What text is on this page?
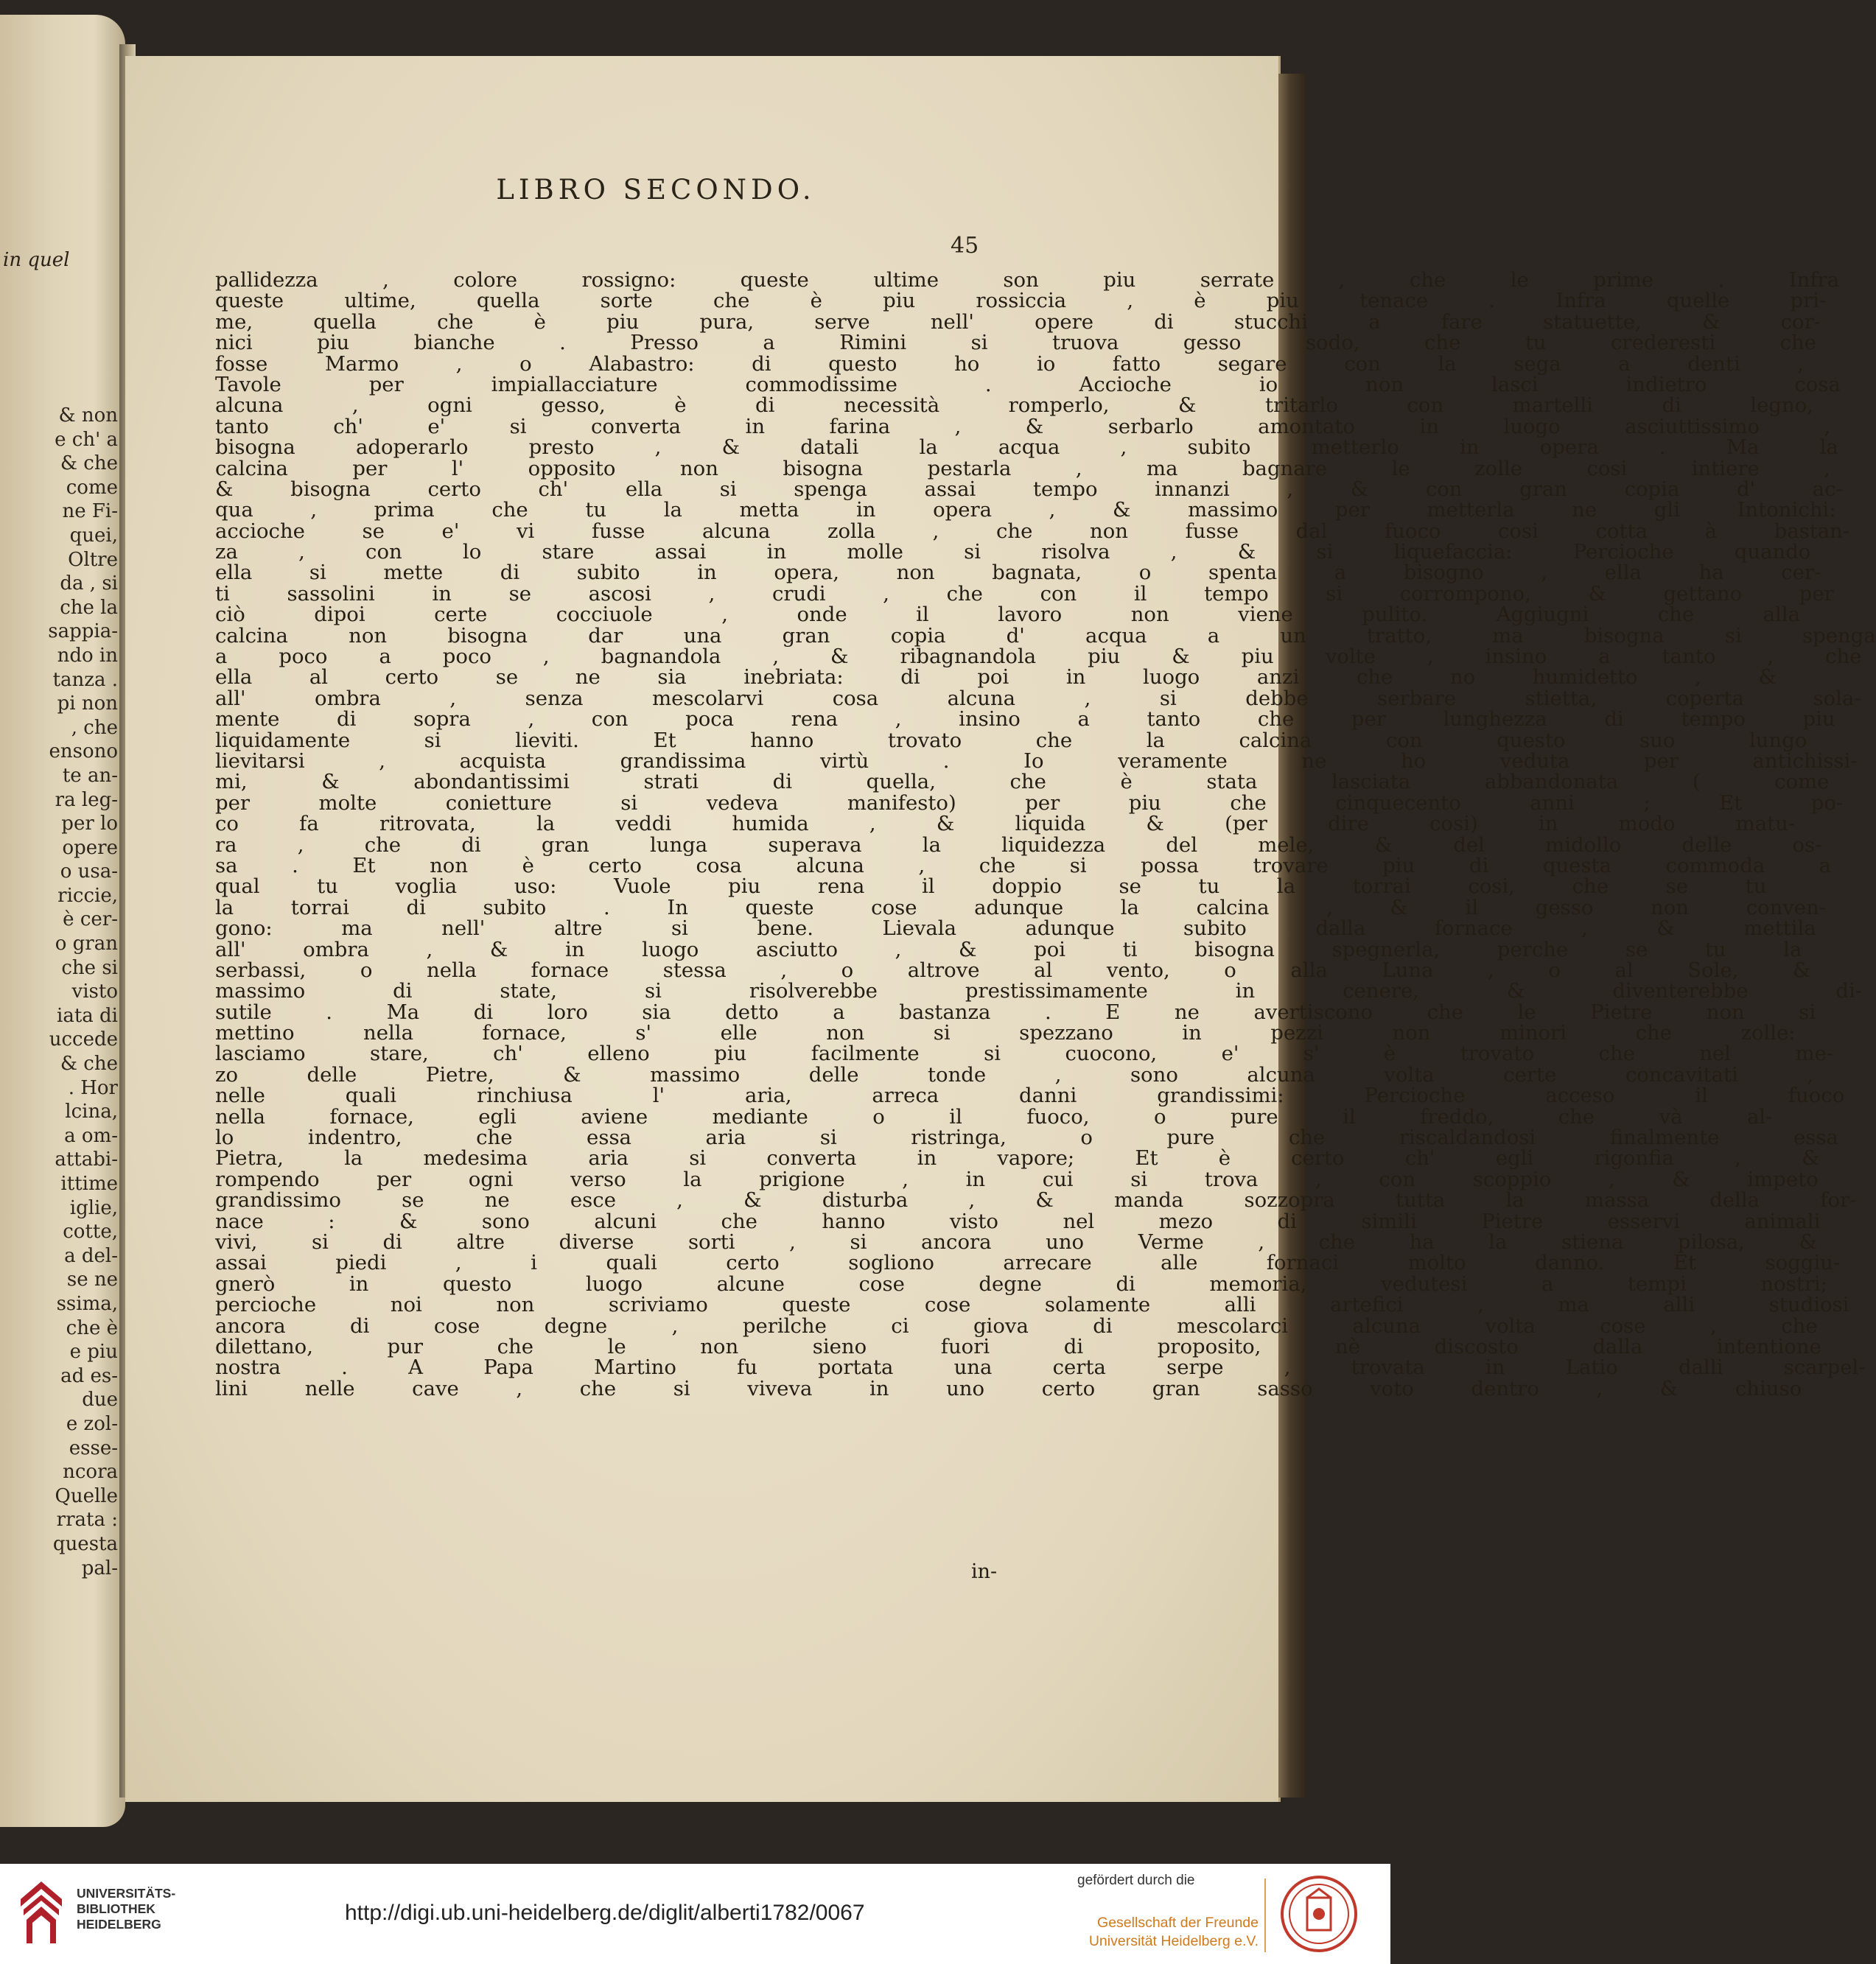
in quel
& non
e ch' a
& che
come
ne Fi-
quei,
Oltre
da , si
che la
sappia-
ndo in
tanza .
pi non
, che
ensono
te an-
ra leg-
per lo
opere
o usa-
riccie,
è cer-
o gran
che si
visto
iata di
uccede
& che
. Hor
lcina,
a om-
attabi-
ittime
iglie,
cotte,
a del-
se ne
ssima,
che è
e piu
ad es-
due
e zol-
esse-
ncora
Quelle
rrata :
questa
pal-
LIBRO SECONDO.
45
pallidezza , colore rossigno: queste ultime son piu serrate , che le prime . Infra
queste ultime, quella sorte che è piu rossiccia , è piu tenace . Infra quelle pri-
me, quella che è piu pura, serve nell' opere di stucchi a fare statuette, & cor-
nici piu bianche . Presso a Rimini si truova gesso sodo, che tu crederesti che
fosse Marmo , o Alabastro: di questo ho io fatto segare con la sega a denti ,
Tavole per impiallacciature commodissime . Accioche io non lasci indietro cosa
alcuna , ogni gesso, è di necessità romperlo, & tritarlo con martelli di legno,
tanto ch' e' si converta in farina , & serbarlo amontato in luogo asciuttissimo ,
bisogna adoperarlo presto , & datali la acqua , subito metterlo in opera . Ma la
calcina per l' opposito non bisogna pestarla , ma bagnare le zolle cosi intiere ,
& bisogna certo ch' ella si spenga assai tempo innanzi , & con gran copia d' ac-
qua , prima che tu la metta in opera , & massimo per metterla ne gli Intonichi:
accioche se e' vi fusse alcuna zolla , che non fusse dal fuoco cosi cotta à bastan-
za , con lo stare assai in molle si risolva , & si liquefaccia: Percioche quando
ella si mette di subito in opera, non bagnata, o spenta a bisogno , ella ha cer-
ti sassolini in se ascosi , crudi , che con il tempo si corrompono, & gettano per
ciò dipoi certe cocciuole , onde il lavoro non viene pulito. Aggiugni che alla
calcina non bisogna dar una gran copia d' acqua a un tratto, ma bisogna si spenga
a poco a poco , bagnandola , & ribagnandola piu & piu volte , insino a tanto , che
ella al certo se ne sia inebriata: di poi in luogo anzi che no humidetto , &
all' ombra , senza mescolarvi cosa alcuna , si debbe serbare stietta, coperta sola-
mente di sopra , con poca rena , insino a tanto che per lunghezza di tempo piu
liquidamente si lieviti. Et hanno trovato che la calcina con questo suo lungo
lievitarsi , acquista grandissima virtù . Io veramente ne ho veduta per antichissi-
mi, & abondantissimi strati di quella, che è stata lasciata abbandonata ( come
per molte conietture si vedeva manifesto) per piu che cinquecento anni ; Et po-
co fa ritrovata, la veddi humida , & liquida & (per dire cosi) in modo matu-
ra , che di gran lunga superava la liquidezza del mele, & del midollo delle os-
sa . Et non è certo cosa alcuna , che si possa trovare piu di questa commoda a
qual tu voglia uso: Vuole piu rena il doppio se tu la torrai cosi, che se tu
la torrai di subito . In queste cose adunque la calcina , & il gesso non conven-
gono: ma nell' altre si bene. Lievala adunque subito dalla fornace , & mettila
all' ombra , & in luogo asciutto , & poi ti bisogna spegnerla, perche se tu la
serbassi, o nella fornace stessa , o altrove al vento, o alla Luna , o al Sole, &
massimo di state, si risolverebbe prestissimamente in cenere, & diventerebbe di-
sutile . Ma di loro sia detto a bastanza . E ne avertiscono che le Pietre non si
mettino nella fornace, s' elle non si spezzano in pezzi non minori che zolle:
lasciamo stare, ch' elleno piu facilmente si cuocono, e' s' è trovato che nel me-
zo delle Pietre, & massimo delle tonde , sono alcuna volta certe concavitati ,
nelle quali rinchiusa l' aria, arreca danni grandissimi: Percioche acceso il fuoco
nella fornace, egli aviene mediante o il fuoco, o pure il freddo, che và al-
lo indentro, che essa aria si ristringa, o pure che riscaldandosi finalmente essa
Pietra, la medesima aria si converta in vapore; Et è certo ch' egli rigonfia , &
rompendo per ogni verso la prigione , in cui si trova , con scoppio , & impeto
grandissimo se ne esce , & disturba , & manda sozzopra tutta la massa della for-
nace : & sono alcuni che hanno visto nel mezo di simili Pietre esservi animali
vivi, si di altre diverse sorti , si ancora uno Verme , che ha la stiena pilosa, &
assai piedi , i quali certo sogliono arrecare alle fornaci molto danno. Et soggiu-
gnerò in questo luogo alcune cose degne di memoria, vedutesi a tempi nostri;
percioche noi non scriviamo queste cose solamente alli artefici , ma alli studiosi
ancora di cose degne , perilche ci giova di mescolarci alcuna volta cose , che
dilettano, pur che le non sieno fuori di proposito, nè discosto dalla intentione
nostra . A Papa Martino fu portata una certa serpe , trovata in Latio dalli scarpel-
lini nelle cave , che si viveva in uno certo gran sasso voto dentro , & chiuso
in-
UNIVERSITÄTS-
BIBLIOTHEK
HEIDELBERG	http://digi.ub.uni-heidelberg.de/diglit/alberti1782/0067
gefördert durch die
Gesellschaft der Freunde
Universität Heidelberg e.V.
